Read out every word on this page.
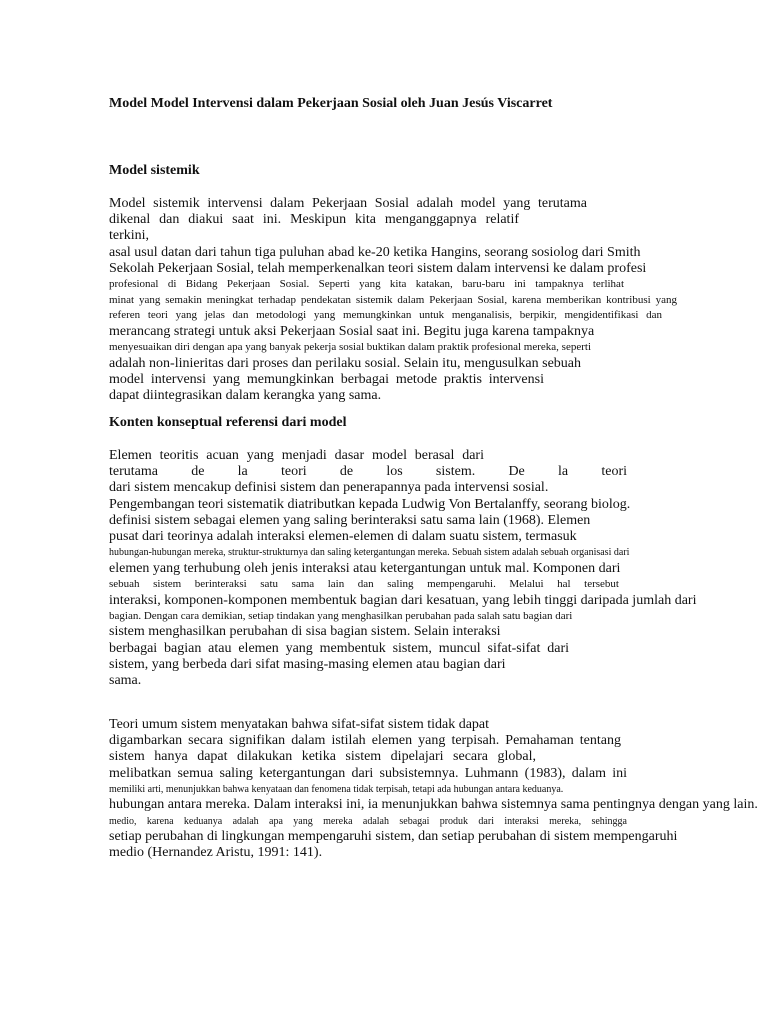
Model Model Intervensi dalam Pekerjaan Sosial oleh Juan Jesús Viscarret
Model sistemik
Model sistemik intervensi dalam Pekerjaan Sosial adalah model yang terutama
dikenal dan diakui saat ini. Meskipun kita menganggapnya relatif terkini,
asal usul datan dari tahun tiga puluhan abad ke-20 ketika Hangins, seorang sosiolog dari Smith
Sekolah Pekerjaan Sosial, telah memperkenalkan teori sistem dalam intervensi ke dalam profesi
profesional di Bidang Pekerjaan Sosial. Seperti yang kita katakan, baru-baru ini tampaknya terlihat
minat yang semakin meningkat terhadap pendekatan sistemik dalam Pekerjaan Sosial, karena memberikan kontribusi yang
referen teori yang jelas dan metodologi yang memungkinkan untuk menganalisis, berpikir, mengidentifikasi dan
merancang strategi untuk aksi Pekerjaan Sosial saat ini. Begitu juga karena tampaknya
menyesuaikan diri dengan apa yang banyak pekerja sosial buktikan dalam praktik profesional mereka, seperti
adalah non-linieritas dari proses dan perilaku sosial. Selain itu, mengusulkan sebuah
model intervensi yang memungkinkan berbagai metode praktis intervensi
dapat diintegrasikan dalam kerangka yang sama.
Konten konseptual referensi dari model
Elemen teoritis acuan yang menjadi dasar model berasal dari
terutama de la teori de los sistem. De la teori
dari sistem mencakup definisi sistem dan penerapannya pada intervensi sosial.
Pengembangan teori sistematik diatributkan kepada Ludwig Von Bertalanffy, seorang biolog.
definisi sistem sebagai elemen yang saling berinteraksi satu sama lain (1968). Elemen
pusat dari teorinya adalah interaksi elemen-elemen di dalam suatu sistem, termasuk
hubungan-hubungan mereka, struktur-strukturnya dan saling ketergantungan mereka. Sebuah sistem adalah sebuah organisasi dari
elemen yang terhubung oleh jenis interaksi atau ketergantungan untuk mal. Komponen dari
sebuah sistem berinteraksi satu sama lain dan saling mempengaruhi. Melalui hal tersebut
interaksi, komponen-komponen membentuk bagian dari kesatuan, yang lebih tinggi daripada jumlah dari
bagian. Dengan cara demikian, setiap tindakan yang menghasilkan perubahan pada salah satu bagian dari
sistem menghasilkan perubahan di sisa bagian sistem. Selain interaksi
berbagai bagian atau elemen yang membentuk sistem, muncul sifat-sifat dari
sistem, yang berbeda dari sifat masing-masing elemen atau bagian dari
sama.
Teori umum sistem menyatakan bahwa sifat-sifat sistem tidak dapat
digambarkan secara signifikan dalam istilah elemen yang terpisah. Pemahaman tentang
sistem hanya dapat dilakukan ketika sistem dipelajari secara global,
melibatkan semua saling ketergantungan dari subsistemnya. Luhmann (1983), dalam ini
memiliki arti, menunjukkan bahwa kenyataan dan fenomena tidak terpisah, tetapi ada hubungan antara keduanya.
hubungan antara mereka. Dalam interaksi ini, ia menunjukkan bahwa sistemnya sama pentingnya dengan yang lain.
medio, karena keduanya adalah apa yang mereka adalah sebagai produk dari interaksi mereka, sehingga
setiap perubahan di lingkungan mempengaruhi sistem, dan setiap perubahan di sistem mempengaruhi
medio (Hernandez Aristu, 1991: 141).
